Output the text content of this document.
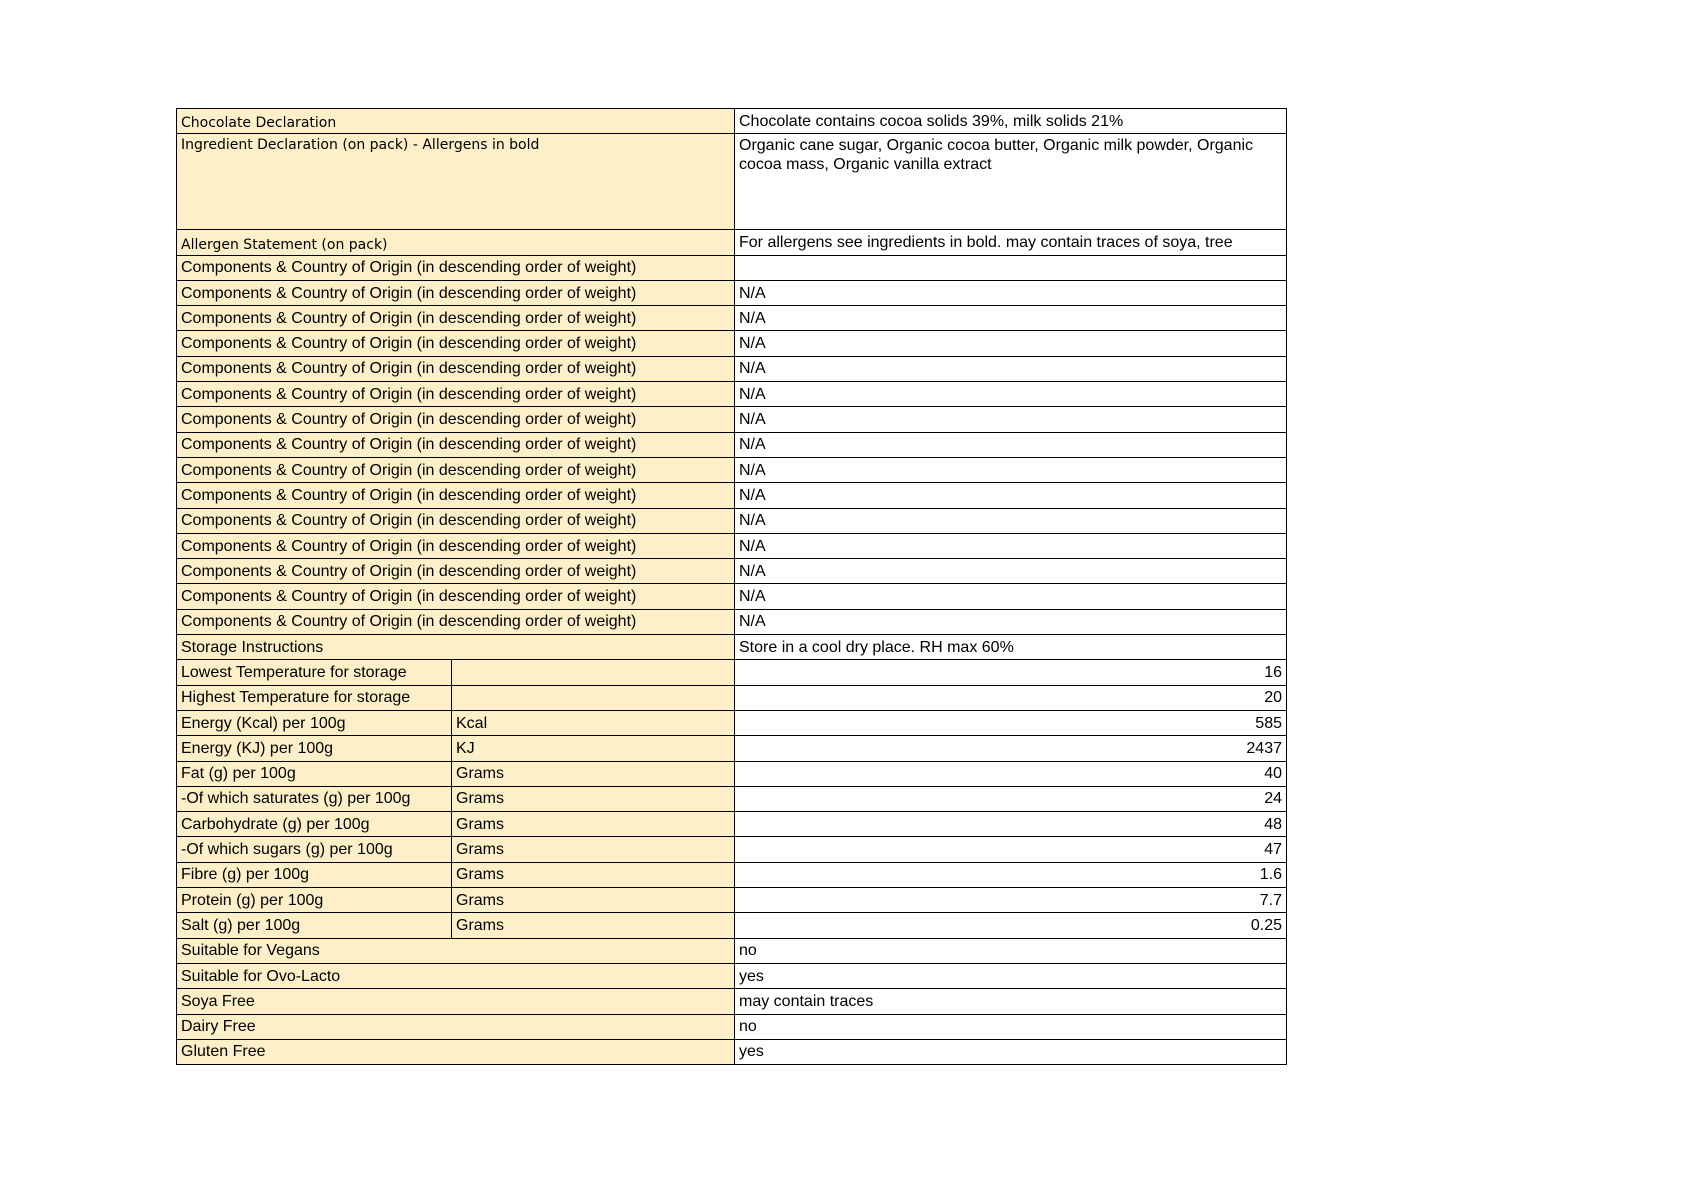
Chocolate Declaration		Chocolate contains cocoa solids 39%, milk solids 21%
Ingredient Declaration (on pack) - Allergens in bold		Organic cane sugar, Organic cocoa butter, Organic milk powder, Organic cocoa mass, Organic vanilla extract
Allergen Statement (on pack)		For allergens see ingredients in bold. may contain traces of soya, tree
Components & Country of Origin (in descending order of weight)		
Components & Country of Origin (in descending order of weight)		N/A
Components & Country of Origin (in descending order of weight)		N/A
Components & Country of Origin (in descending order of weight)		N/A
Components & Country of Origin (in descending order of weight)		N/A
Components & Country of Origin (in descending order of weight)		N/A
Components & Country of Origin (in descending order of weight)		N/A
Components & Country of Origin (in descending order of weight)		N/A
Components & Country of Origin (in descending order of weight)		N/A
Components & Country of Origin (in descending order of weight)		N/A
Components & Country of Origin (in descending order of weight)		N/A
Components & Country of Origin (in descending order of weight)		N/A
Components & Country of Origin (in descending order of weight)		N/A
Components & Country of Origin (in descending order of weight)		N/A
Components & Country of Origin (in descending order of weight)		N/A
Storage Instructions		Store in a cool dry place. RH max 60%
Lowest Temperature for storage		16
Highest Temperature for storage		20
Energy (Kcal) per 100g	Kcal	585
Energy (KJ) per 100g	KJ	2437
Fat (g) per 100g	Grams	40
-Of which saturates (g) per 100g	Grams	24
Carbohydrate (g) per 100g	Grams	48
-Of which sugars (g) per 100g	Grams	47
Fibre (g) per 100g	Grams	1.6
Protein (g) per 100g	Grams	7.7
Salt (g) per 100g	Grams	0.25
Suitable for Vegans		no
Suitable for Ovo-Lacto		yes
Soya Free		may contain traces
Dairy Free		no
Gluten Free		yes
